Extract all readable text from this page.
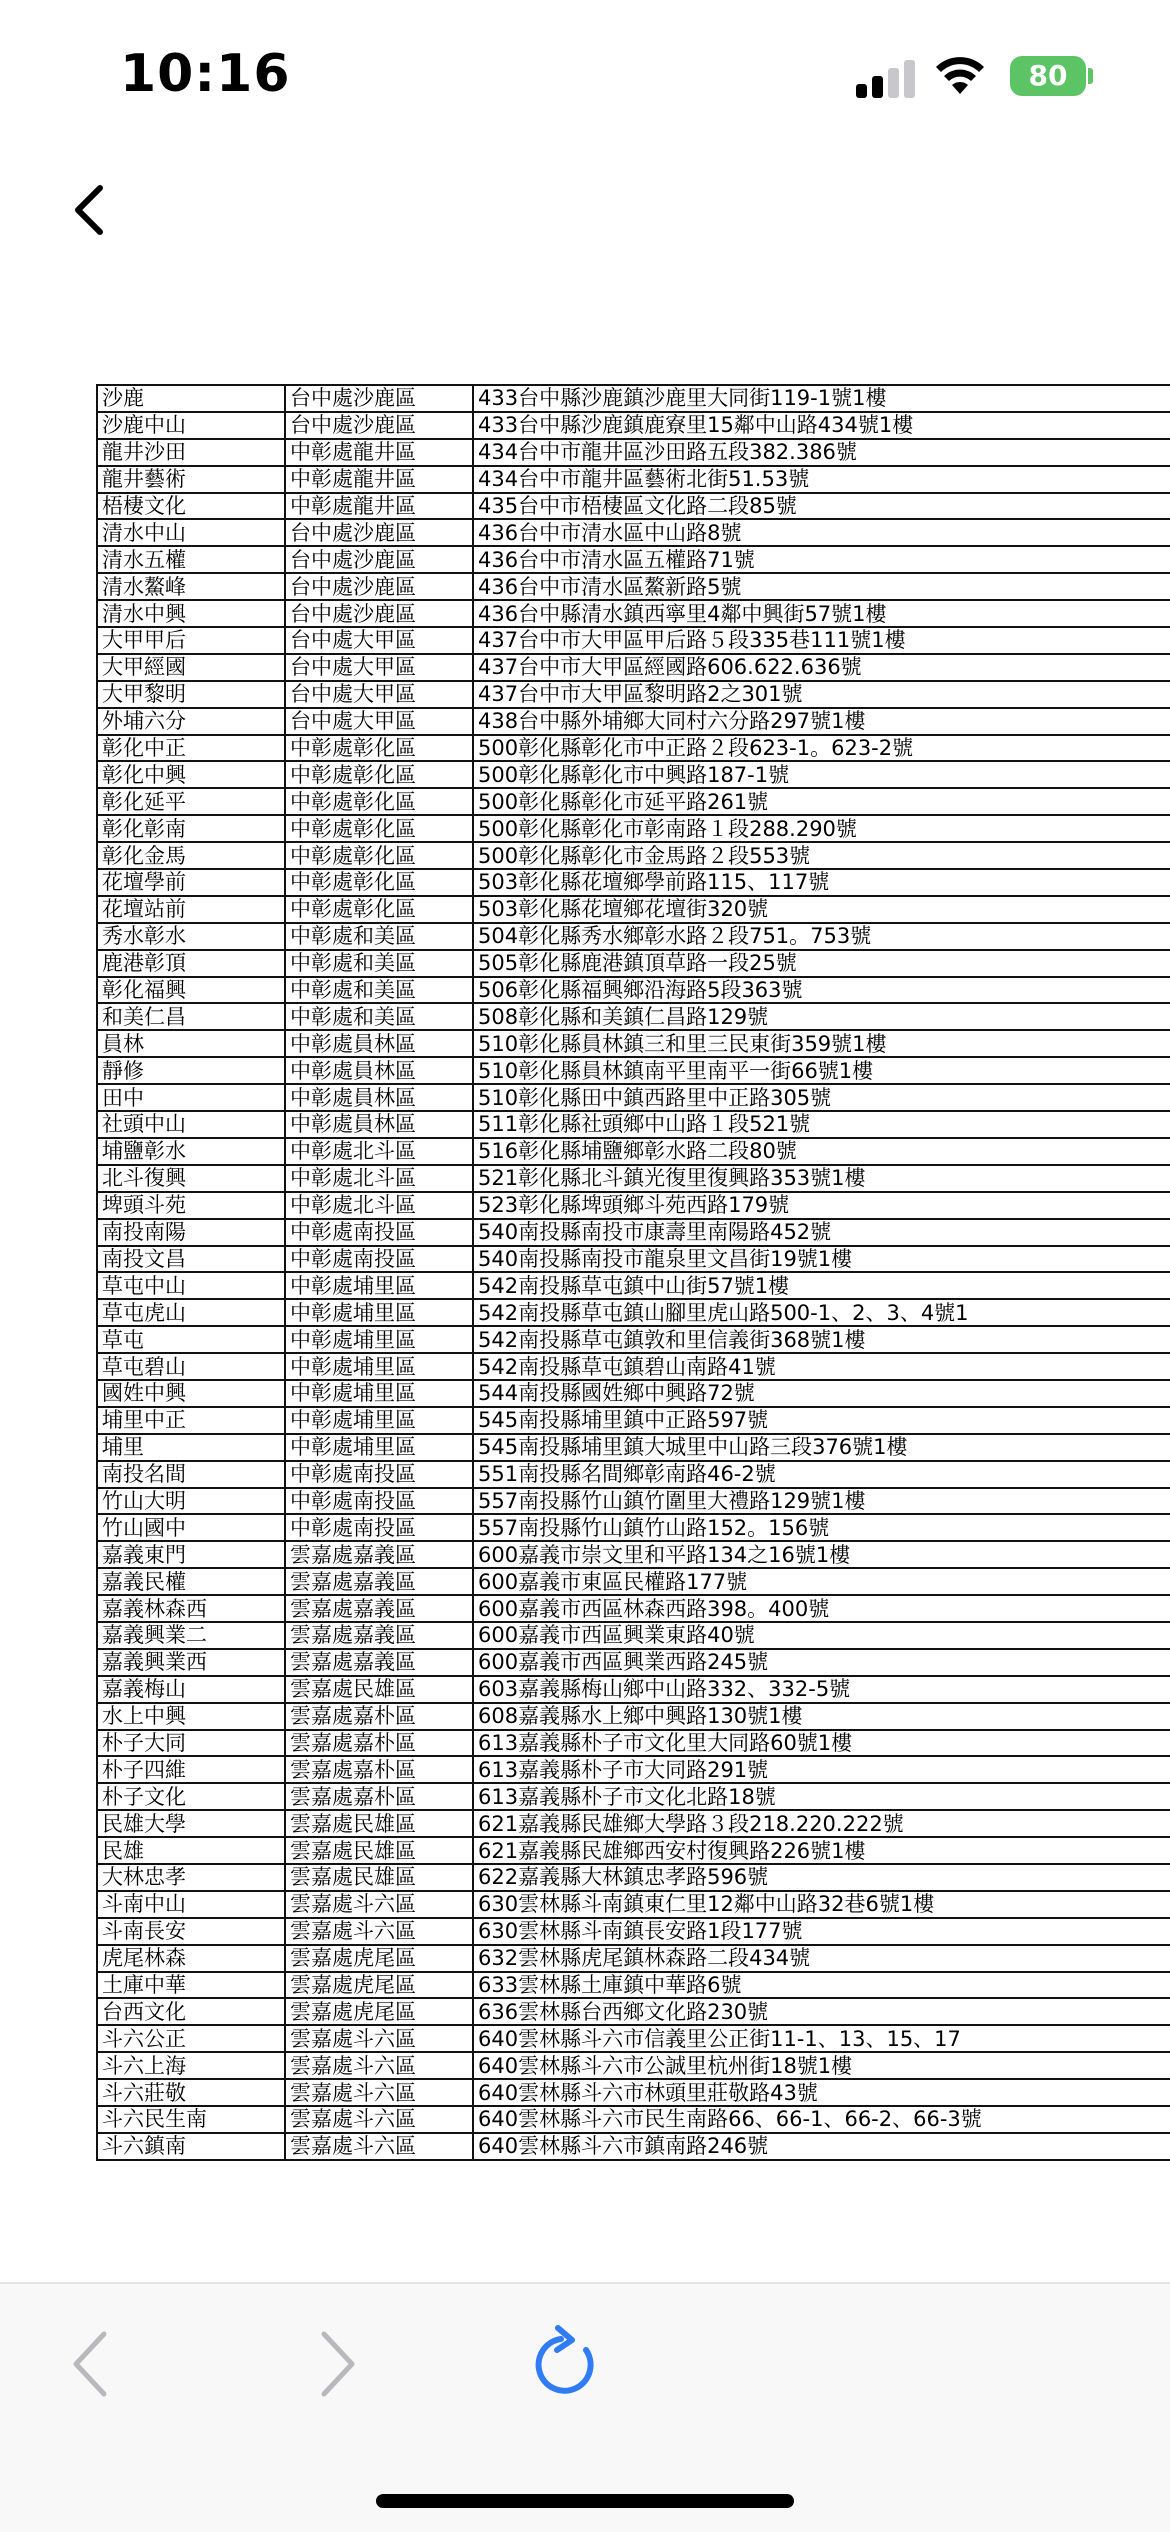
10:16	80
沙鹿	台中處沙鹿區	433台中縣沙鹿鎮沙鹿里大同街119-1號1樓
沙鹿中山	台中處沙鹿區	433台中縣沙鹿鎮鹿寮里15鄰中山路434號1樓
龍井沙田	中彰處龍井區	434台中市龍井區沙田路五段382.386號
龍井藝術	中彰處龍井區	434台中市龍井區藝術北街51.53號
梧棲文化	中彰處龍井區	435台中市梧棲區文化路二段85號
清水中山	台中處沙鹿區	436台中市清水區中山路8號
清水五權	台中處沙鹿區	436台中市清水區五權路71號
清水鰲峰	台中處沙鹿區	436台中市清水區鰲新路5號
清水中興	台中處沙鹿區	436台中縣清水鎮西寧里4鄰中興街57號1樓
大甲甲后	台中處大甲區	437台中市大甲區甲后路５段335巷111號1樓
大甲經國	台中處大甲區	437台中市大甲區經國路606.622.636號
大甲黎明	台中處大甲區	437台中市大甲區黎明路2之301號
外埔六分	台中處大甲區	438台中縣外埔鄉大同村六分路297號1樓
彰化中正	中彰處彰化區	500彰化縣彰化市中正路２段623-1。623-2號
彰化中興	中彰處彰化區	500彰化縣彰化市中興路187-1號
彰化延平	中彰處彰化區	500彰化縣彰化市延平路261號
彰化彰南	中彰處彰化區	500彰化縣彰化市彰南路１段288.290號
彰化金馬	中彰處彰化區	500彰化縣彰化市金馬路２段553號
花壇學前	中彰處彰化區	503彰化縣花壇鄉學前路115、117號
花壇站前	中彰處彰化區	503彰化縣花壇鄉花壇街320號
秀水彰水	中彰處和美區	504彰化縣秀水鄉彰水路２段751。753號
鹿港彰頂	中彰處和美區	505彰化縣鹿港鎮頂草路一段25號
彰化福興	中彰處和美區	506彰化縣福興鄉沿海路5段363號
和美仁昌	中彰處和美區	508彰化縣和美鎮仁昌路129號
員林	中彰處員林區	510彰化縣員林鎮三和里三民東街359號1樓
靜修	中彰處員林區	510彰化縣員林鎮南平里南平一街66號1樓
田中	中彰處員林區	510彰化縣田中鎮西路里中正路305號
社頭中山	中彰處員林區	511彰化縣社頭鄉中山路１段521號
埔鹽彰水	中彰處北斗區	516彰化縣埔鹽鄉彰水路二段80號
北斗復興	中彰處北斗區	521彰化縣北斗鎮光復里復興路353號1樓
埤頭斗苑	中彰處北斗區	523彰化縣埤頭鄉斗苑西路179號
南投南陽	中彰處南投區	540南投縣南投市康壽里南陽路452號
南投文昌	中彰處南投區	540南投縣南投市龍泉里文昌街19號1樓
草屯中山	中彰處埔里區	542南投縣草屯鎮中山街57號1樓
草屯虎山	中彰處埔里區	542南投縣草屯鎮山腳里虎山路500-1、2、3、4號1
草屯	中彰處埔里區	542南投縣草屯鎮敦和里信義街368號1樓
草屯碧山	中彰處埔里區	542南投縣草屯鎮碧山南路41號
國姓中興	中彰處埔里區	544南投縣國姓鄉中興路72號
埔里中正	中彰處埔里區	545南投縣埔里鎮中正路597號
埔里	中彰處埔里區	545南投縣埔里鎮大城里中山路三段376號1樓
南投名間	中彰處南投區	551南投縣名間鄉彰南路46-2號
竹山大明	中彰處南投區	557南投縣竹山鎮竹圍里大禮路129號1樓
竹山國中	中彰處南投區	557南投縣竹山鎮竹山路152。156號
嘉義東門	雲嘉處嘉義區	600嘉義市崇文里和平路134之16號1樓
嘉義民權	雲嘉處嘉義區	600嘉義市東區民權路177號
嘉義林森西	雲嘉處嘉義區	600嘉義市西區林森西路398。400號
嘉義興業二	雲嘉處嘉義區	600嘉義市西區興業東路40號
嘉義興業西	雲嘉處嘉義區	600嘉義市西區興業西路245號
嘉義梅山	雲嘉處民雄區	603嘉義縣梅山鄉中山路332、332-5號
水上中興	雲嘉處嘉朴區	608嘉義縣水上鄉中興路130號1樓
朴子大同	雲嘉處嘉朴區	613嘉義縣朴子市文化里大同路60號1樓
朴子四維	雲嘉處嘉朴區	613嘉義縣朴子市大同路291號
朴子文化	雲嘉處嘉朴區	613嘉義縣朴子市文化北路18號
民雄大學	雲嘉處民雄區	621嘉義縣民雄鄉大學路３段218.220.222號
民雄	雲嘉處民雄區	621嘉義縣民雄鄉西安村復興路226號1樓
大林忠孝	雲嘉處民雄區	622嘉義縣大林鎮忠孝路596號
斗南中山	雲嘉處斗六區	630雲林縣斗南鎮東仁里12鄰中山路32巷6號1樓
斗南長安	雲嘉處斗六區	630雲林縣斗南鎮長安路1段177號
虎尾林森	雲嘉處虎尾區	632雲林縣虎尾鎮林森路二段434號
土庫中華	雲嘉處虎尾區	633雲林縣土庫鎮中華路6號
台西文化	雲嘉處虎尾區	636雲林縣台西鄉文化路230號
斗六公正	雲嘉處斗六區	640雲林縣斗六市信義里公正街11-1、13、15、17
斗六上海	雲嘉處斗六區	640雲林縣斗六市公誠里杭州街18號1樓
斗六莊敬	雲嘉處斗六區	640雲林縣斗六市林頭里莊敬路43號
斗六民生南	雲嘉處斗六區	640雲林縣斗六市民生南路66、66-1、66-2、66-3號
斗六鎮南	雲嘉處斗六區	640雲林縣斗六市鎮南路246號
